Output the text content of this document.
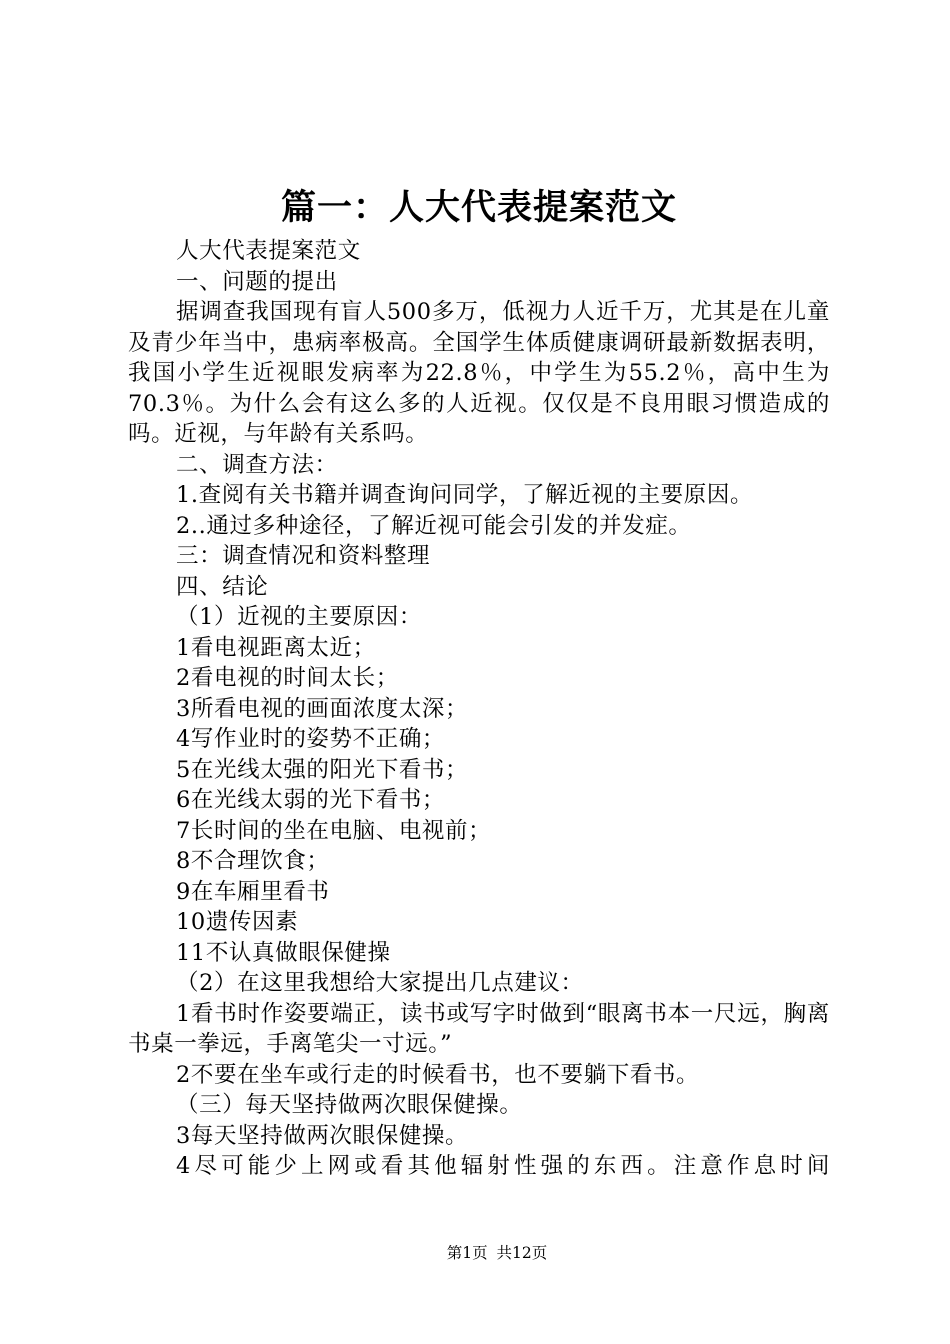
篇一：人大代表提案范文

人大代表提案范文

一、问题的提出

据调查我国现有盲人500多万，低视力人近千万，尤其是在儿童及青少年当中，患病率极高。全国学生体质健康调研最新数据表明，我国小学生近视眼发病率为22.8％，中学生为55.2％，高中生为70.3％。为什么会有这么多的人近视。仅仅是不良用眼习惯造成的吗。近视，与年龄有关系吗。

二、调查方法：

1.查阅有关书籍并调查询问同学，了解近视的主要原因。

2..通过多种途径，了解近视可能会引发的并发症。

三：调查情况和资料整理

四、结论

（1）近视的主要原因：

1看电视距离太近；

2看电视的时间太长；

3所看电视的画面浓度太深；

4写作业时的姿势不正确；

5在光线太强的阳光下看书；

6在光线太弱的光下看书；

7长时间的坐在电脑、电视前；

8不合理饮食；

9在车厢里看书

10遗传因素

11不认真做眼保健操

（2）在这里我想给大家提出几点建议：

1看书时作姿要端正，读书或写字时做到“眼离书本一尺远，胸离书桌一拳远，手离笔尖一寸远。”

2不要在坐车或行走的时候看书，也不要躺下看书。

（三）每天坚持做两次眼保健操。

3每天坚持做两次眼保健操。

4尽可能少上网或看其他辐射性强的东西。注意作息时间

第1页 共12页
